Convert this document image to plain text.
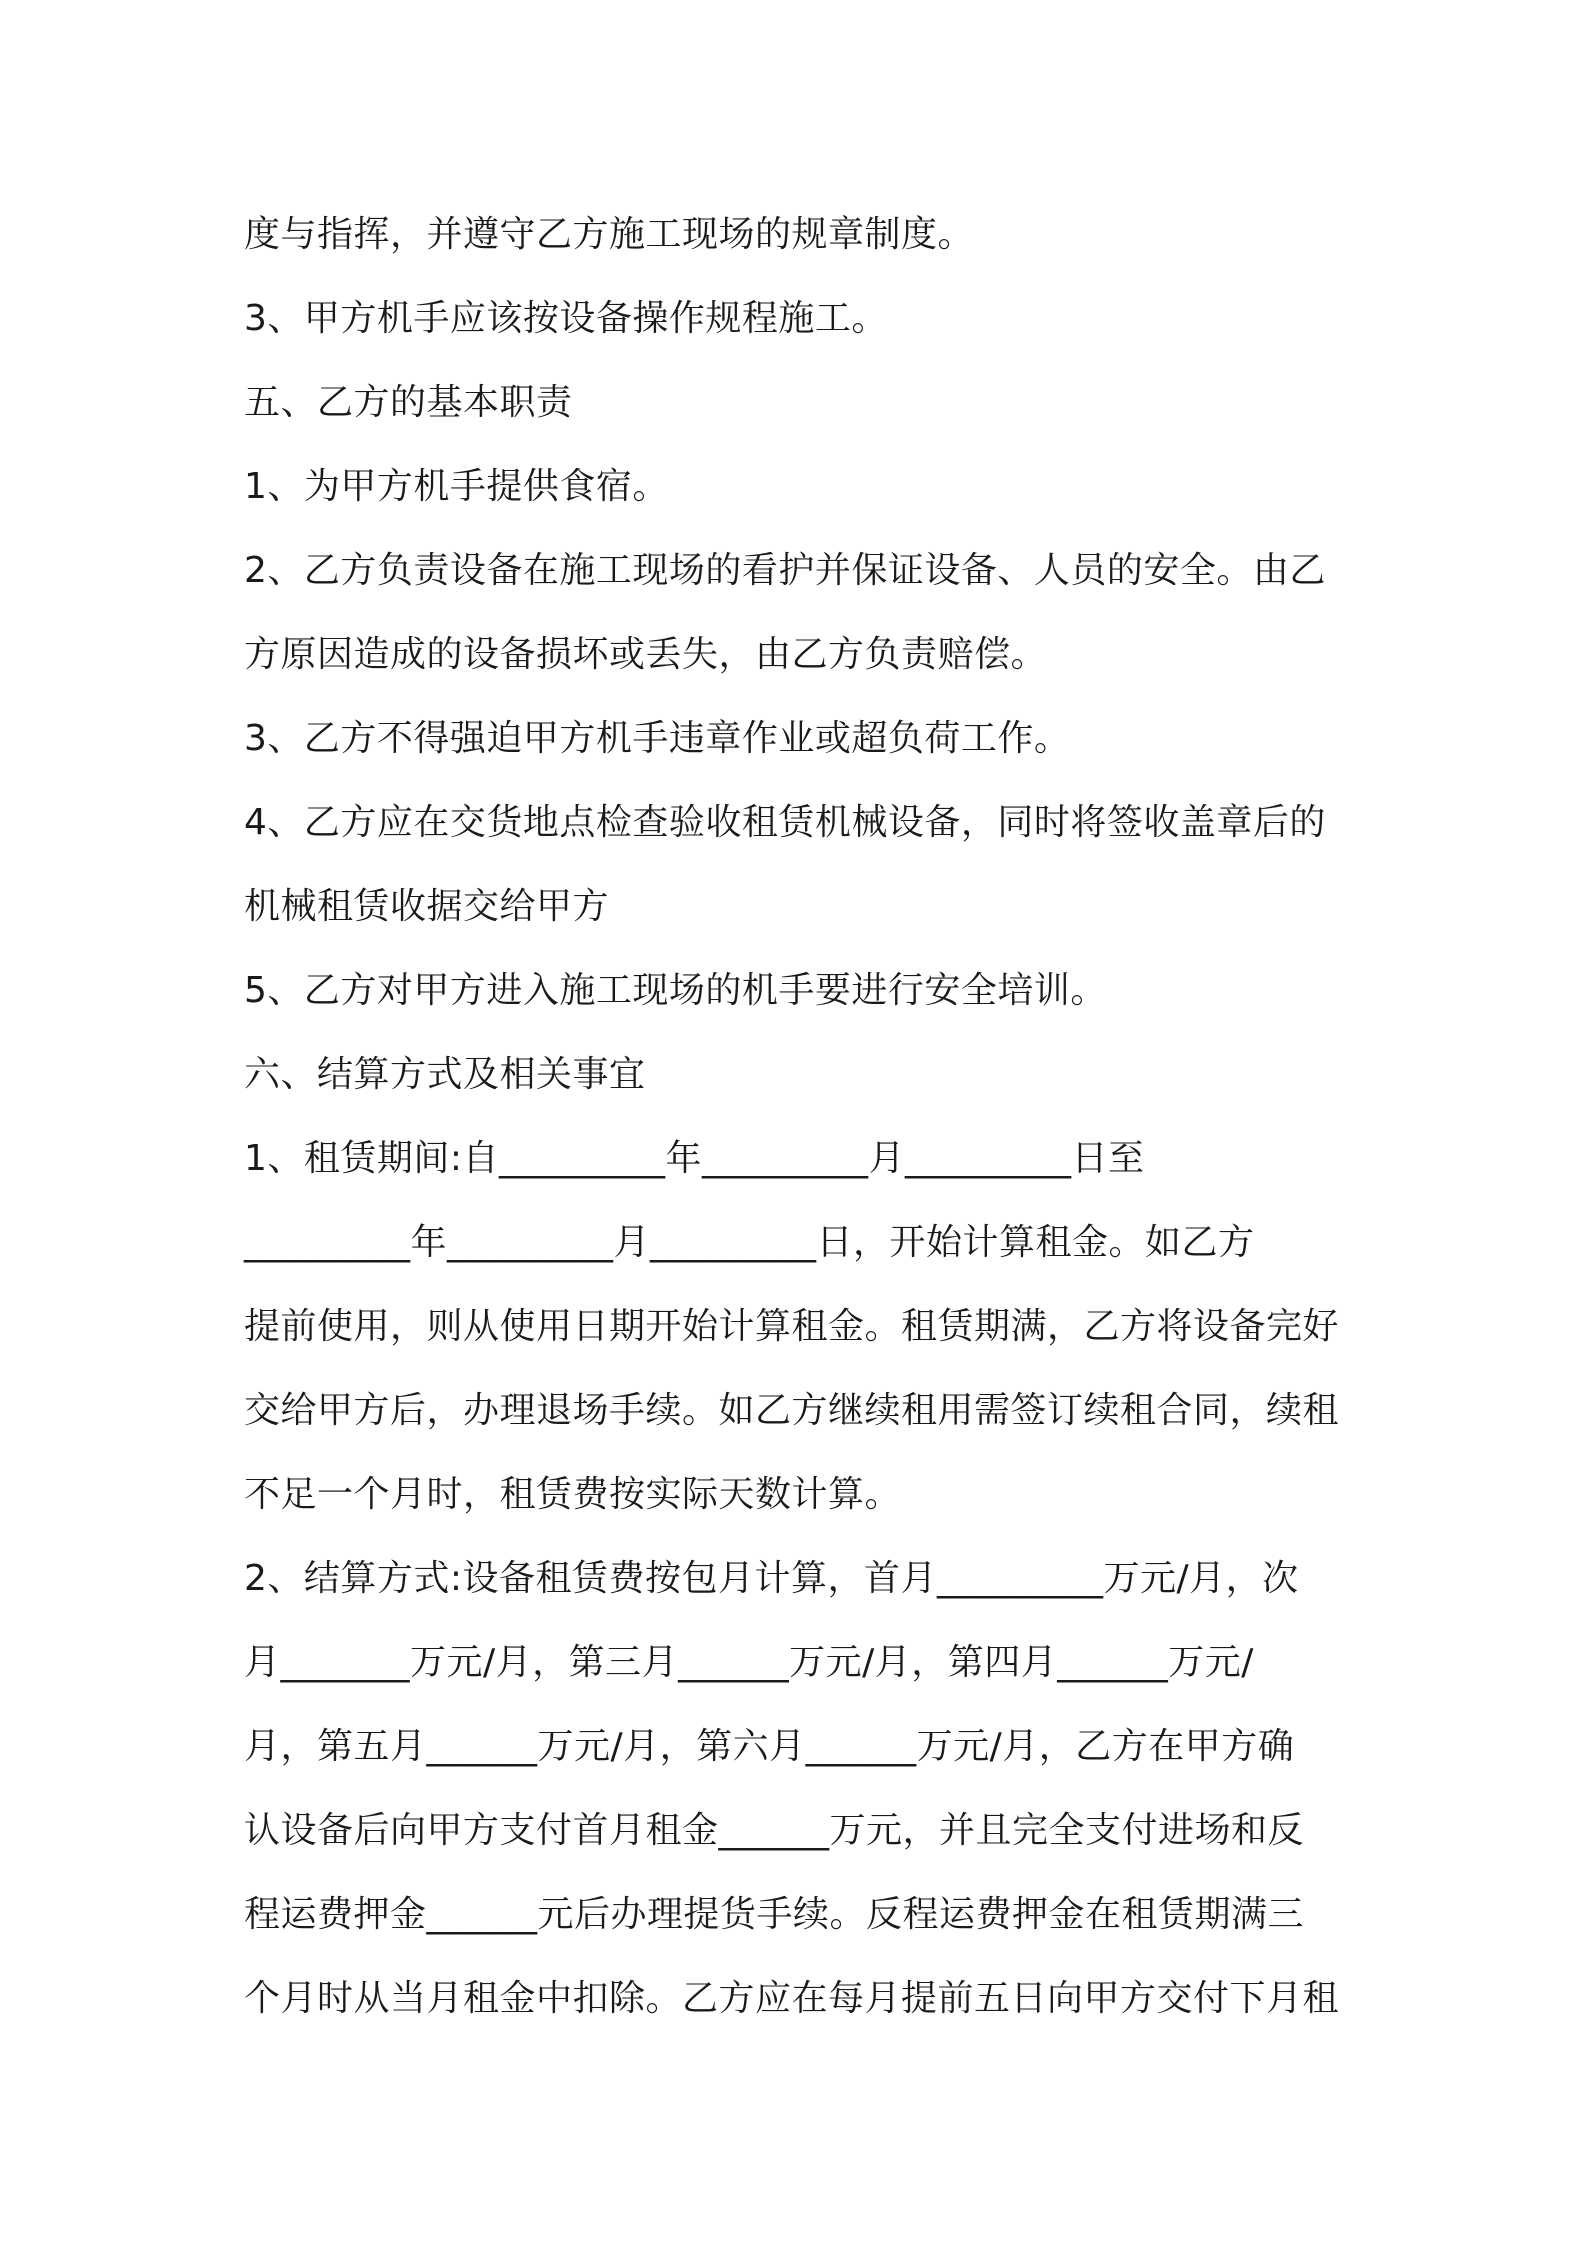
度与指挥，并遵守乙方施工现场的规章制度。
3、甲方机手应该按设备操作规程施工。
五、乙方的基本职责
1、为甲方机手提供食宿。
2、乙方负责设备在施工现场的看护并保证设备、人员的安全。由乙
方原因造成的设备损坏或丢失，由乙方负责赔偿。
3、乙方不得强迫甲方机手违章作业或超负荷工作。
4、乙方应在交货地点检查验收租赁机械设备，同时将签收盖章后的
机械租赁收据交给甲方
5、乙方对甲方进入施工现场的机手要进行安全培训。
六、结算方式及相关事宜
1、租赁期间:自_________年_________月_________日至
_________年_________月_________日，开始计算租金。如乙方
提前使用，则从使用日期开始计算租金。租赁期满，乙方将设备完好
交给甲方后，办理退场手续。如乙方继续租用需签订续租合同，续租
不足一个月时，租赁费按实际天数计算。
2、结算方式:设备租赁费按包月计算，首月_________万元/月，次
月_______万元/月，第三月______万元/月，第四月______万元/
月，第五月______万元/月，第六月______万元/月，乙方在甲方确
认设备后向甲方支付首月租金______万元，并且完全支付进场和反
程运费押金______元后办理提货手续。反程运费押金在租赁期满三
个月时从当月租金中扣除。乙方应在每月提前五日向甲方交付下月租
